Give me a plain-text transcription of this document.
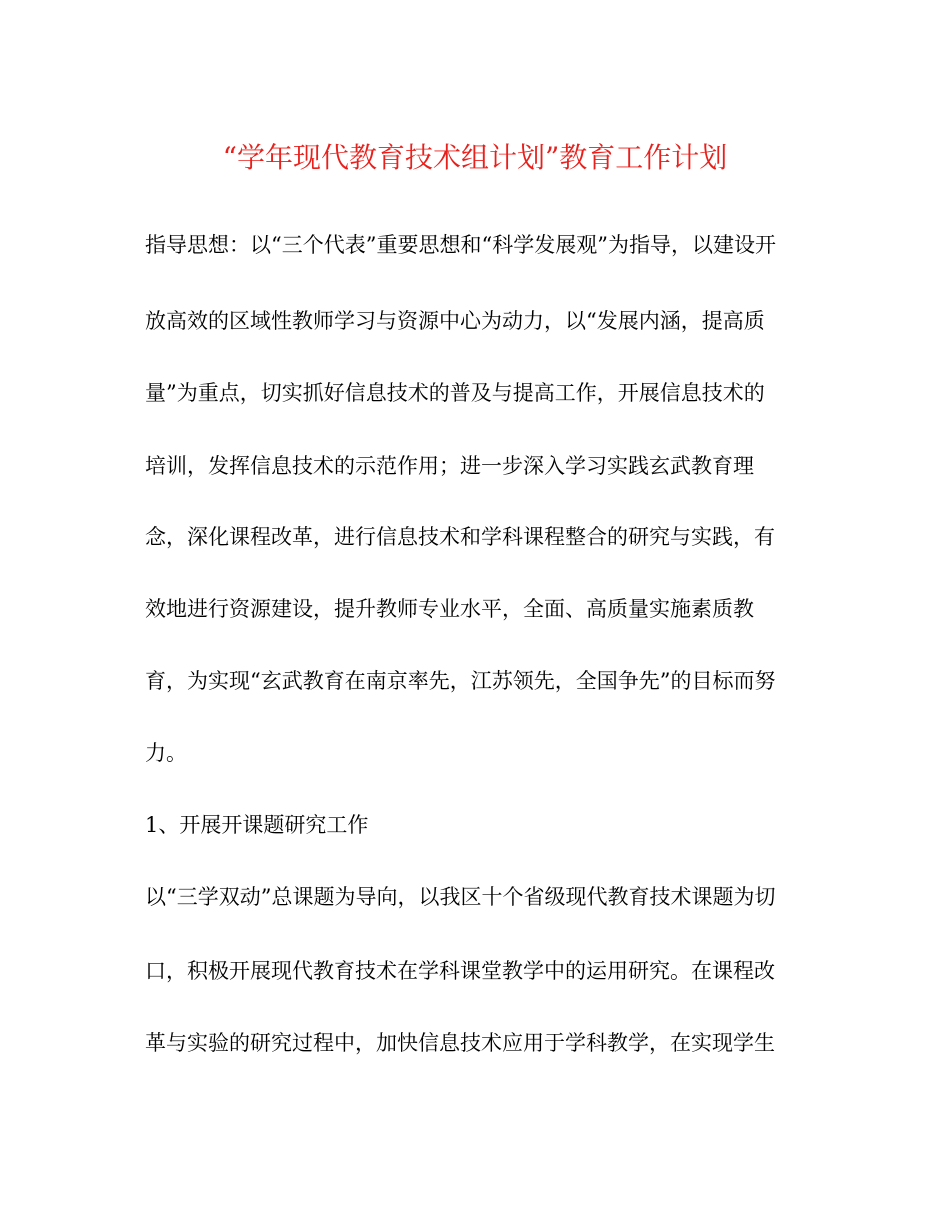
“学年现代教育技术组计划”教育工作计划
指导思想：以“三个代表”重要思想和“科学发展观”为指导，以建设开
放高效的区域性教师学习与资源中心为动力，以“发展内涵，提高质
量”为重点，切实抓好信息技术的普及与提高工作，开展信息技术的
培训，发挥信息技术的示范作用；进一步深入学习实践玄武教育理
念，深化课程改革，进行信息技术和学科课程整合的研究与实践，有
效地进行资源建设，提升教师专业水平，全面、高质量实施素质教
育，为实现“玄武教育在南京率先，江苏领先，全国争先”的目标而努
力。
1、开展开课题研究工作
以“三学双动”总课题为导向，以我区十个省级现代教育技术课题为切
口，积极开展现代教育技术在学科课堂教学中的运用研究。在课程改
革与实验的研究过程中，加快信息技术应用于学科教学，在实现学生
